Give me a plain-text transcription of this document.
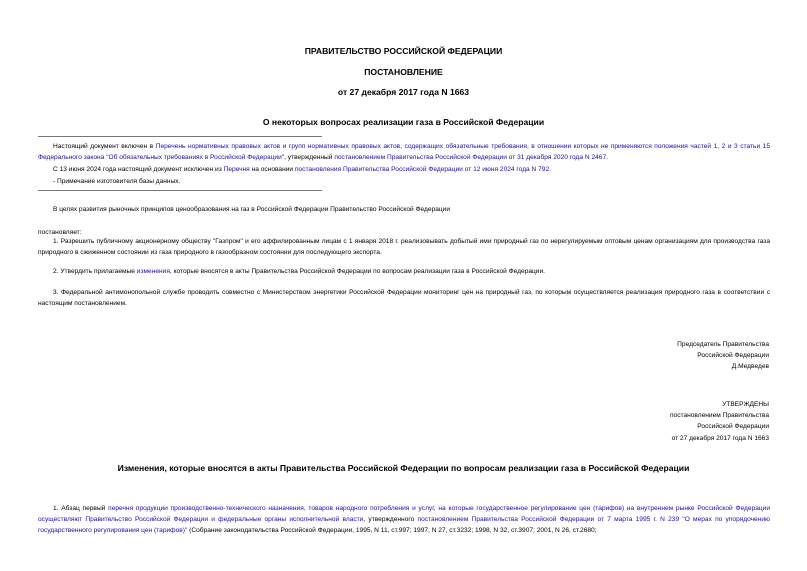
ПРАВИТЕЛЬСТВО РОССИЙСКОЙ ФЕДЕРАЦИИ
ПОСТАНОВЛЕНИЕ
от 27 декабря 2017 года N 1663
О некоторых вопросах реализации газа в Российской Федерации
Настоящий документ включен в Перечень нормативных правовых актов и групп нормативных правовых актов, содержащих обязательные требования, в отношении которых не применяются положения частей 1, 2 и 3 статьи 15 Федерального закона "Об обязательных требованиях в Российской Федерации", утвержденный постановлением Правительства Российской Федерации от 31 декабря 2020 года N 2467.
С 13 июня 2024 года настоящий документ исключен из Перечня на основании постановления Правительства Российской Федерации от 12 июня 2024 года N 792.
- Примечание изготовителя базы данных.
В целях развития рыночных принципов ценообразования на газ в Российской Федерации Правительство Российской Федерации
постановляет:
1. Разрешить публичному акционерному обществу "Газпром" и его аффилированным лицам с 1 января 2018 г. реализовывать добытый ими природный газ по нерегулируемым оптовым ценам организациям для производства газа природного в сжиженном состоянии из газа природного в газообразном состоянии для последующего экспорта.
2. Утвердить прилагаемые изменения, которые вносятся в акты Правительства Российской Федерации по вопросам реализации газа в Российской Федерации.
3. Федеральной антимонопольной службе проводить совместно с Министерством энергетики Российской Федерации мониторинг цен на природный газ, по которым осуществляется реализация природного газа в соответствии с настоящим постановлением.
Председатель Правительства
Российской Федерации
Д.Медведев
УТВЕРЖДЕНЫ
постановлением Правительства
Российской Федерации
от 27 декабря 2017 года N 1663
Изменения, которые вносятся в акты Правительства Российской Федерации по вопросам реализации газа в Российской Федерации
1. Абзац первый перечня продукции производственно-технического назначения, товаров народного потребления и услуг, на которые государственное регулирование цен (тарифов) на внутреннем рынке Российской Федерации осуществляют Правительство Российской Федерации и федеральные органы исполнительной власти, утвержденного постановлением Правительства Российской Федерации от 7 марта 1995 г. N 239 "О мерах по упорядочению государственного регулирования цен (тарифов)" (Собрание законодательства Российской Федерации, 1995, N 11, ст.997; 1997, N 27, ст.3232; 1998, N 32, ст.3907; 2001, N 26, ст.2680;
